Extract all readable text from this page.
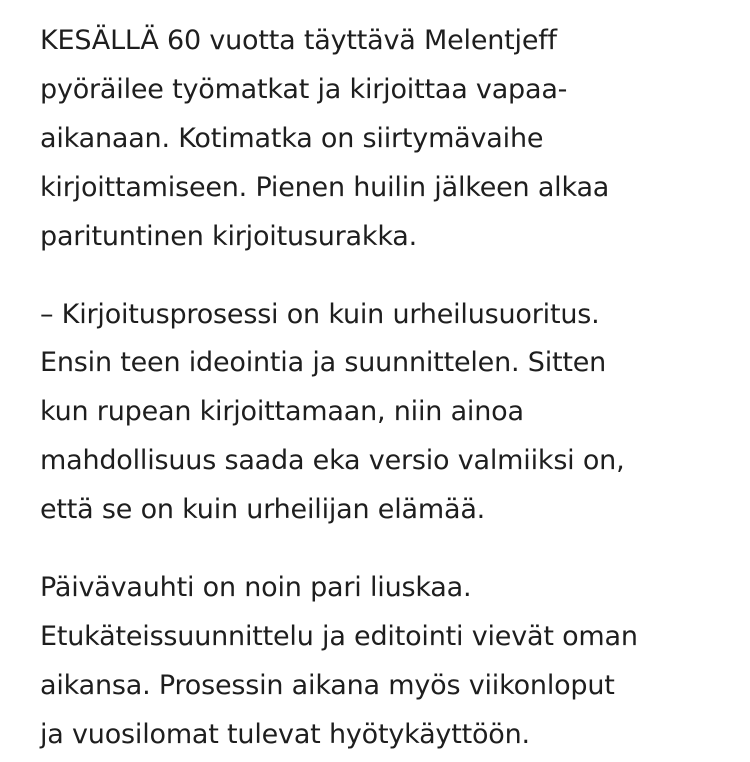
KESÄLLÄ 60 vuotta täyttävä Melentjeff
pyöräilee työmatkat ja kirjoittaa vapaa-
aikanaan. Kotimatka on siirtymävaihe
kirjoittamiseen. Pienen huilin jälkeen alkaa
parituntinen kirjoitusurakka.

– Kirjoitusprosessi on kuin urheilusuoritus.
Ensin teen ideointia ja suunnittelen. Sitten
kun rupean kirjoittamaan, niin ainoa
mahdollisuus saada eka versio valmiiksi on,
että se on kuin urheilijan elämää.

Päivävauhti on noin pari liuskaa.
Etukäteissuunnittelu ja editointi vievät oman
aikansa. Prosessin aikana myös viikonloput
ja vuosilomat tulevat hyötykäyttöön.
